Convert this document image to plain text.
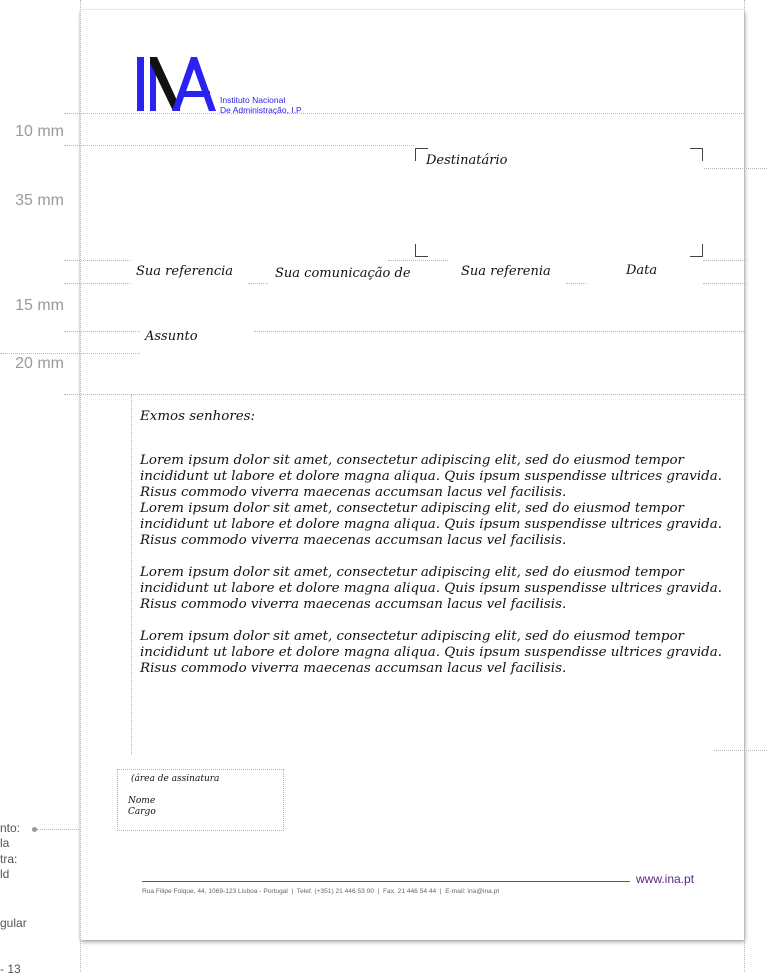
10 mm
35 mm
15 mm
20 mm
nto:
la
tra:
ld
gular
- 13
Instituto Nacional
De Administração, I.P
Destinatário
Sua referencia	Sua comunicação de	Sua referenia	Data
Assunto
Exmos senhores:
Lorem ipsum dolor sit amet, consectetur adipiscing elit, sed do eiusmod tempor
incididunt ut labore et dolore magna aliqua. Quis ipsum suspendisse ultrices gravida.
Risus commodo viverra maecenas accumsan lacus vel facilisis.
Lorem ipsum dolor sit amet, consectetur adipiscing elit, sed do eiusmod tempor
incididunt ut labore et dolore magna aliqua. Quis ipsum suspendisse ultrices gravida.
Risus commodo viverra maecenas accumsan lacus vel facilisis.
Lorem ipsum dolor sit amet, consectetur adipiscing elit, sed do eiusmod tempor
incididunt ut labore et dolore magna aliqua. Quis ipsum suspendisse ultrices gravida.
Risus commodo viverra maecenas accumsan lacus vel facilisis.
Lorem ipsum dolor sit amet, consectetur adipiscing elit, sed do eiusmod tempor
incididunt ut labore et dolore magna aliqua. Quis ipsum suspendisse ultrices gravida.
Risus commodo viverra maecenas accumsan lacus vel facilisis.
(área de assinatura
Nome
Cargo
www.ina.pt
Rua Filipe Folque, 44, 1069-123 Lisboa - Portugal  |  Telef. (+351) 21 446 53 00  |  Fax. 21 446 54 44  |  E-mail: ina@ina.pt
